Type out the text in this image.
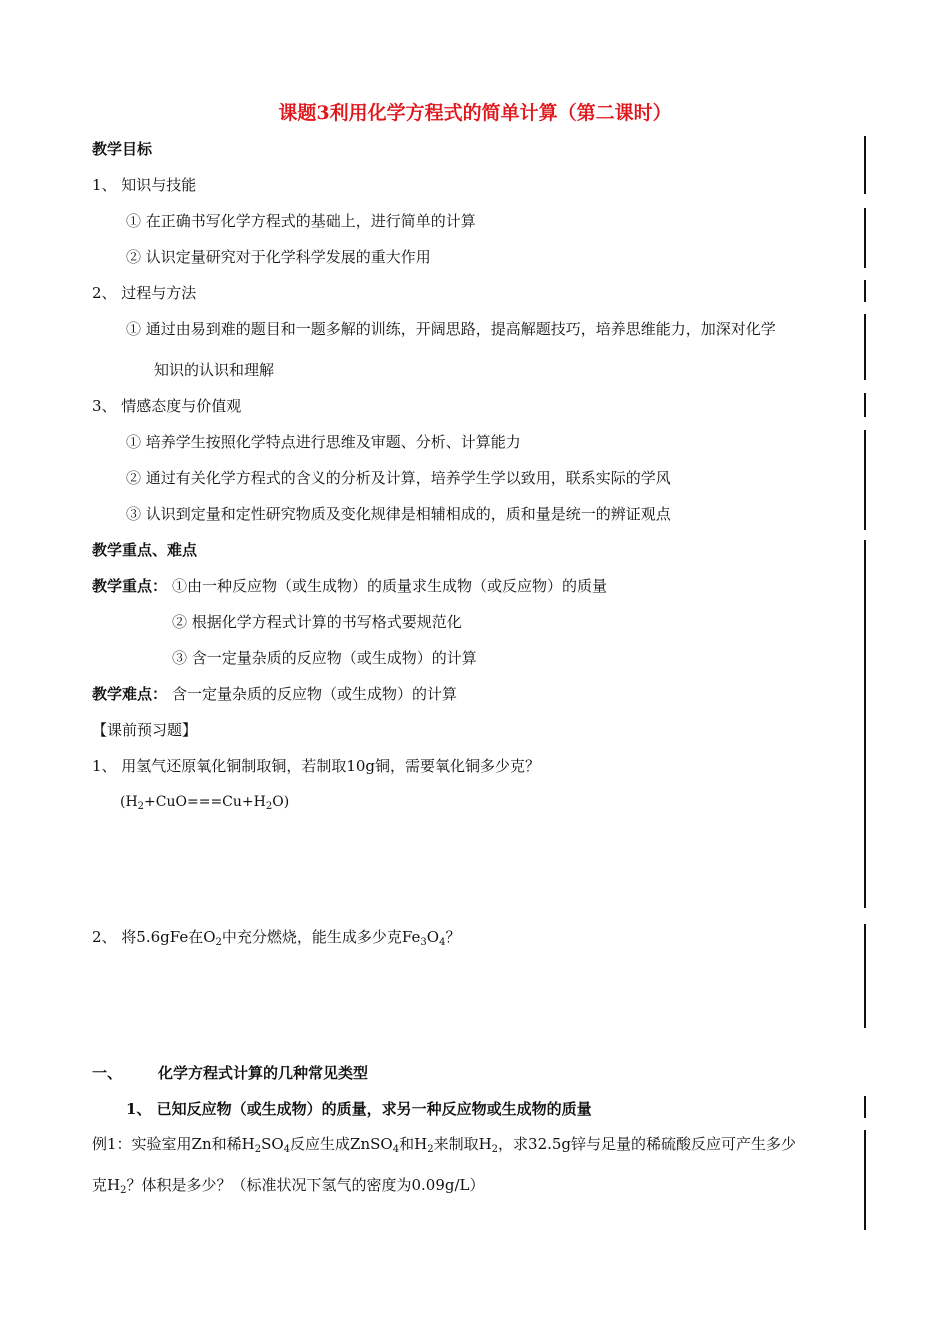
课题3利用化学方程式的简单计算（第二课时）
教学目标
1、 知识与技能
① 在正确书写化学方程式的基础上，进行简单的计算
② 认识定量研究对于化学科学发展的重大作用
2、 过程与方法
① 通过由易到难的题目和一题多解的训练，开阔思路，提高解题技巧，培养思维能力，加深对化学
知识的认识和理解
3、 情感态度与价值观
① 培养学生按照化学特点进行思维及审题、分析、计算能力
② 通过有关化学方程式的含义的分析及计算，培养学生学以致用，联系实际的学风
③ 认识到定量和定性研究物质及变化规律是相辅相成的，质和量是统一的辨证观点
教学重点、难点
教学重点： ①由一种反应物（或生成物）的质量求生成物（或反应物）的质量
② 根据化学方程式计算的书写格式要规范化
③ 含一定量杂质的反应物（或生成物）的计算
教学难点： 含一定量杂质的反应物（或生成物）的计算
【课前预习题】
1、 用氢气还原氧化铜制取铜，若制取10g铜，需要氧化铜多少克？
$(H_2+CuO===Cu+H_2O)$
2、 将5.6gFe在$O_2$中充分燃烧，能生成多少克$Fe_3O_4$？
一、 化学方程式计算的几种常见类型
1、 已知反应物（或生成物）的质量，求另一种反应物或生成物的质量
例1：实验室用Zn和稀$H_2SO_4$反应生成ZnSO$_4$和$H_2$来制取$H_2$，求32.5g锌与足量的稀硫酸反应可产生多少
克$H_2$？体积是多少？（标准状况下氢气的密度为0.09g/L）
